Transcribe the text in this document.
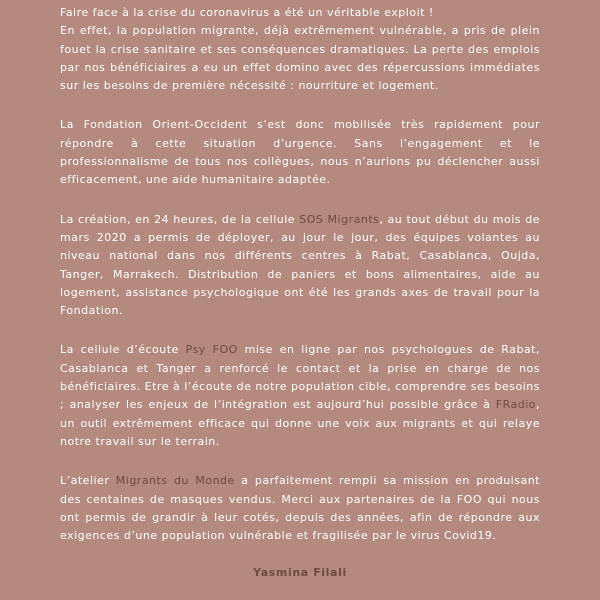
Faire face à la crise du coronavirus a été un véritable exploit !
En effet, la population migrante, déjà extrêmement vulnérable, a pris de plein fouet la crise sanitaire et ses conséquences dramatiques. La perte des emplois par nos bénéficiaires a eu un effet domino avec des répercussions immédiates sur les besoins de première nécessité : nourriture et logement.

La Fondation Orient-Occident s’est donc mobilisée très rapidement pour répondre à cette situation d’urgence. Sans l’engagement et le professionnalisme de tous nos collègues, nous n’aurions pu déclencher aussi efficacement, une aide humanitaire adaptée.

La création, en 24 heures, de la cellule SOS Migrants, au tout début du mois de mars 2020 a permis de déployer, au jour le jour, des équipes volantes au niveau national dans nos différents centres à Rabat, Casablanca, Oujda, Tanger, Marrakech. Distribution de paniers et bons alimentaires, aide au logement, assistance psychologique ont été les grands axes de travail pour la Fondation.

La cellule d’écoute Psy FOO mise en ligne par nos psychologues de Rabat, Casablanca et Tanger a renforcé le contact et la prise en charge de nos bénéficiaires. Etre à l’écoute de notre population cible, comprendre ses besoins ; analyser les enjeux de l’intégration est aujourd’hui possible grâce à FRadio, un outil extrêmement efficace qui donne une voix aux migrants et qui relaye notre travail sur le terrain.

L’atelier Migrants du Monde a parfaitement rempli sa mission en produisant des centaines de masques vendus. Merci aux partenaires de la FOO qui nous ont permis de grandir à leur cotés, depuis des années, afin de répondre aux exigences d’une population vulnérable et fragilisée par le virus Covid19.

Yasmina Filali
